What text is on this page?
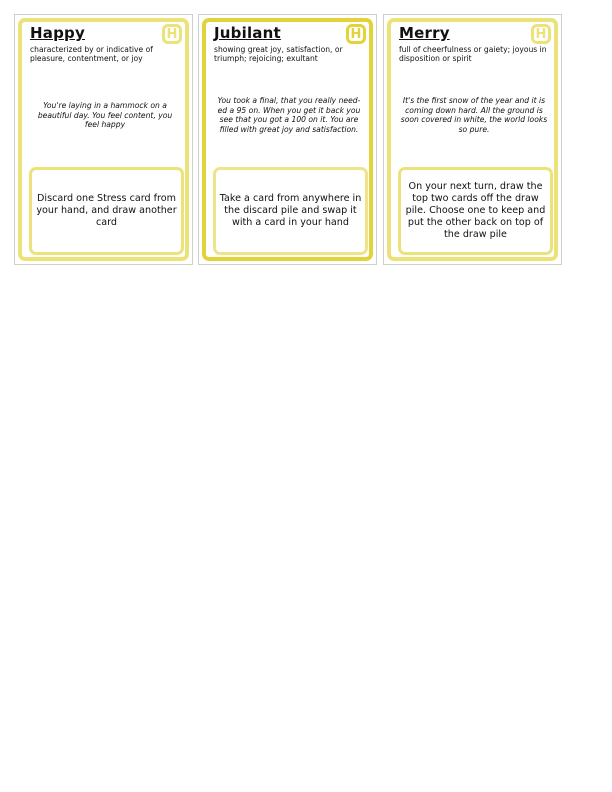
Happy	H
characterized by or indicative of pleasure, contentment, or joy
You're laying in a hammock on a beautiful day. You feel content, you feel happy
Discard one Stress card from your hand, and draw another card
Jubilant	H
showing great joy, satisfaction, or triumph; rejoicing; exultant
You took a final, that you really need-ed a 95 on. When you get it back you see that you got a 100 on it. You are filled with great joy and satisfaction.
Take a card from anywhere in the discard pile and swap it with a card in your hand
Merry	H
full of cheerfulness or gaiety; joyous in disposition or spirit
It's the first snow of the year and it is coming down hard. All the ground is soon covered in white, the world looks so pure.
On your next turn, draw the top two cards off the draw pile. Choose one to keep and put the other back on top of the draw pile
